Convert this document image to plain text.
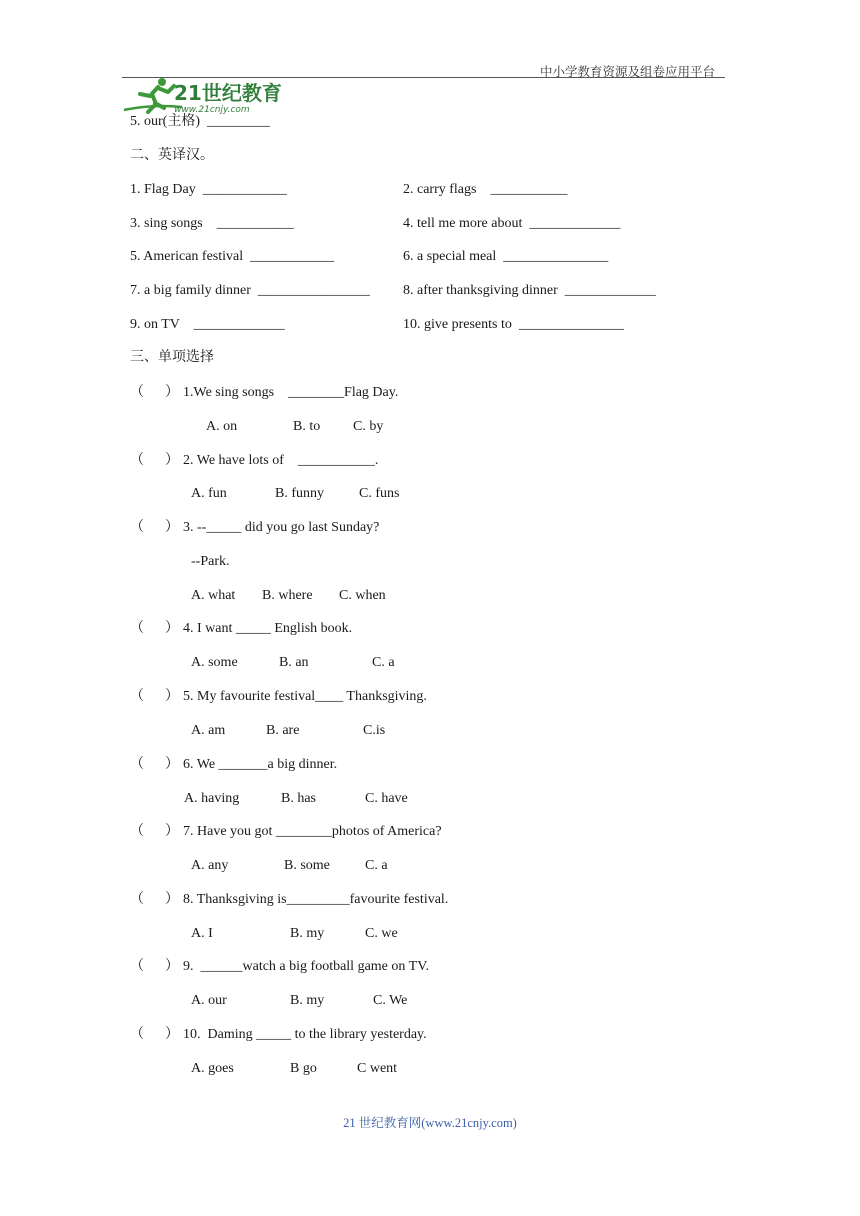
21世纪教育
www.21cnjy.com

中小学教育资源及组卷应用平台
5. our(主格)  _________
二、英译汉。
1. Flag Day  ____________	2. carry flags    ___________
3. sing songs    ___________	4. tell me more about  _____________
5. American festival  ____________	6. a special meal  _______________
7. a big family dinner  ________________ 8. after thanksgiving dinner  _____________
9. on TV    _____________	10. give presents to  _______________
三、单项选择
（      ） 1.We sing songs    ________Flag Day.
A. on	B. to C. by
（      ） 2. We have lots of    ___________.
A. fun	B. funny	C. funs
（      ） 3. --_____ did you go last Sunday?
--Park.
A. what B. where C. when
（      ） 4. I want _____ English book.
A. some	B. an	C. a
（      ） 5. My favourite festival____ Thanksgiving.
A. am	B. are	C.is
（      ） 6. We _______a big dinner.
A. having	B. has	C. have
（      ） 7. Have you got ________photos of America?
A. any	B. some	C. a
（      ） 8. Thanksgiving is_________favourite festival.
A. I	B. my	C. we
（      ） 9.  ______watch a big football game on TV.
A. our	B. my	C. We
（      ） 10.  Daming _____ to the library yesterday.
A. goes	B go	C went
21 世纪教育网(www.21cnjy.com)
